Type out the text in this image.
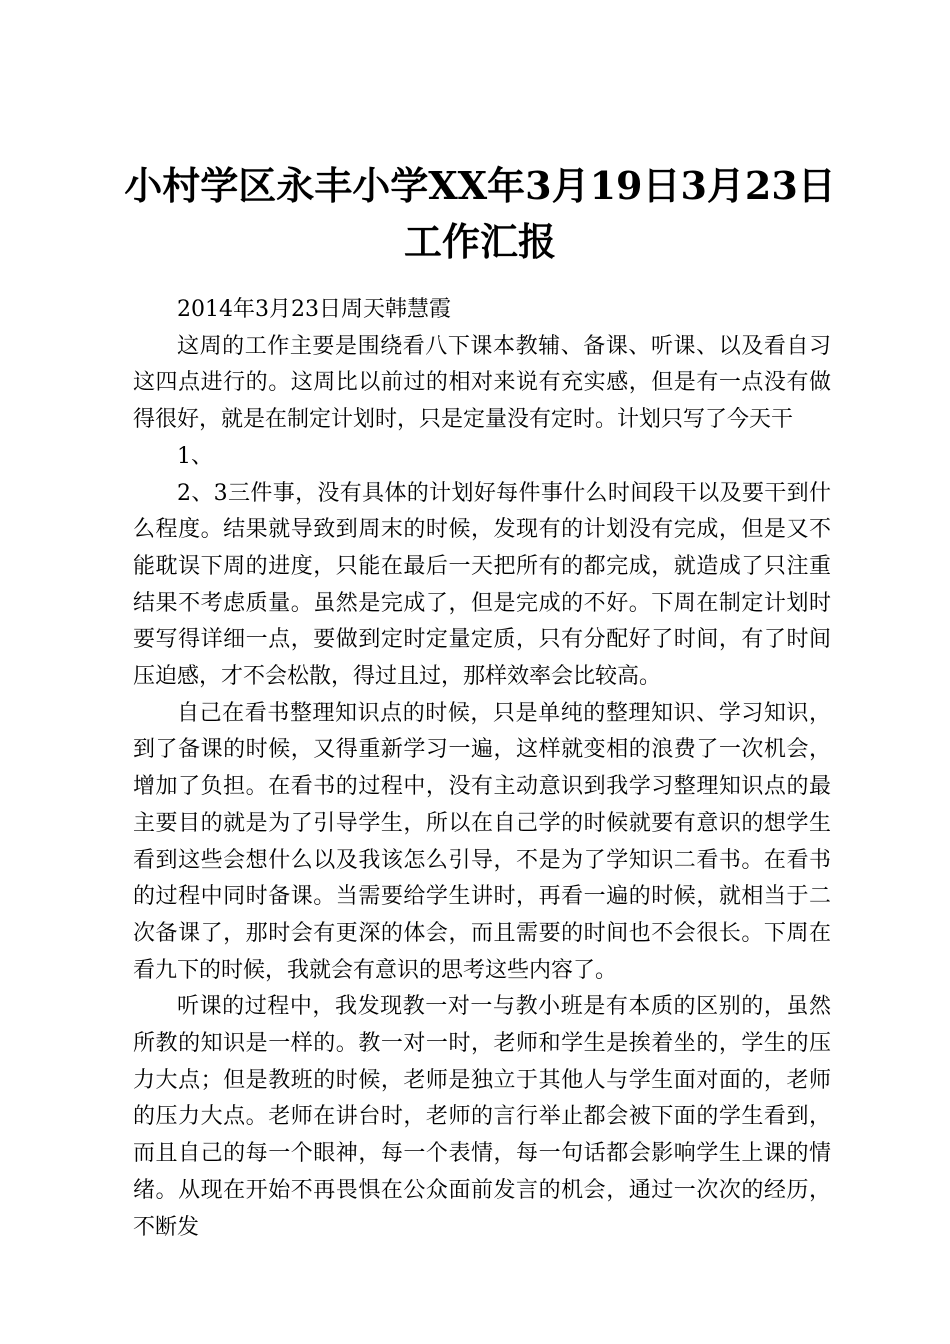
小村学区永丰小学XX年3月19日3月23日工作汇报

2014年3月23日周天韩慧霞

这周的工作主要是围绕看八下课本教辅、备课、听课、以及看自习这四点进行的。这周比以前过的相对来说有充实感，但是有一点没有做得很好，就是在制定计划时，只是定量没有定时。计划只写了今天干

1、

2、3三件事，没有具体的计划好每件事什么时间段干以及要干到什么程度。结果就导致到周末的时候，发现有的计划没有完成，但是又不能耽误下周的进度，只能在最后一天把所有的都完成，就造成了只注重结果不考虑质量。虽然是完成了，但是完成的不好。下周在制定计划时要写得详细一点，要做到定时定量定质，只有分配好了时间，有了时间压迫感，才不会松散，得过且过，那样效率会比较高。

自己在看书整理知识点的时候，只是单纯的整理知识、学习知识，到了备课的时候，又得重新学习一遍，这样就变相的浪费了一次机会，增加了负担。在看书的过程中，没有主动意识到我学习整理知识点的最主要目的就是为了引导学生，所以在自己学的时候就要有意识的想学生看到这些会想什么以及我该怎么引导，不是为了学知识二看书。在看书的过程中同时备课。当需要给学生讲时，再看一遍的时候，就相当于二次备课了，那时会有更深的体会，而且需要的时间也不会很长。下周在看九下的时候，我就会有意识的思考这些内容了。

听课的过程中，我发现教一对一与教小班是有本质的区别的，虽然所教的知识是一样的。教一对一时，老师和学生是挨着坐的，学生的压力大点；但是教班的时候，老师是独立于其他人与学生面对面的，老师的压力大点。老师在讲台时，老师的言行举止都会被下面的学生看到，而且自己的每一个眼神，每一个表情，每一句话都会影响学生上课的情绪。从现在开始不再畏惧在公众面前发言的机会，通过一次次的经历，不断发
